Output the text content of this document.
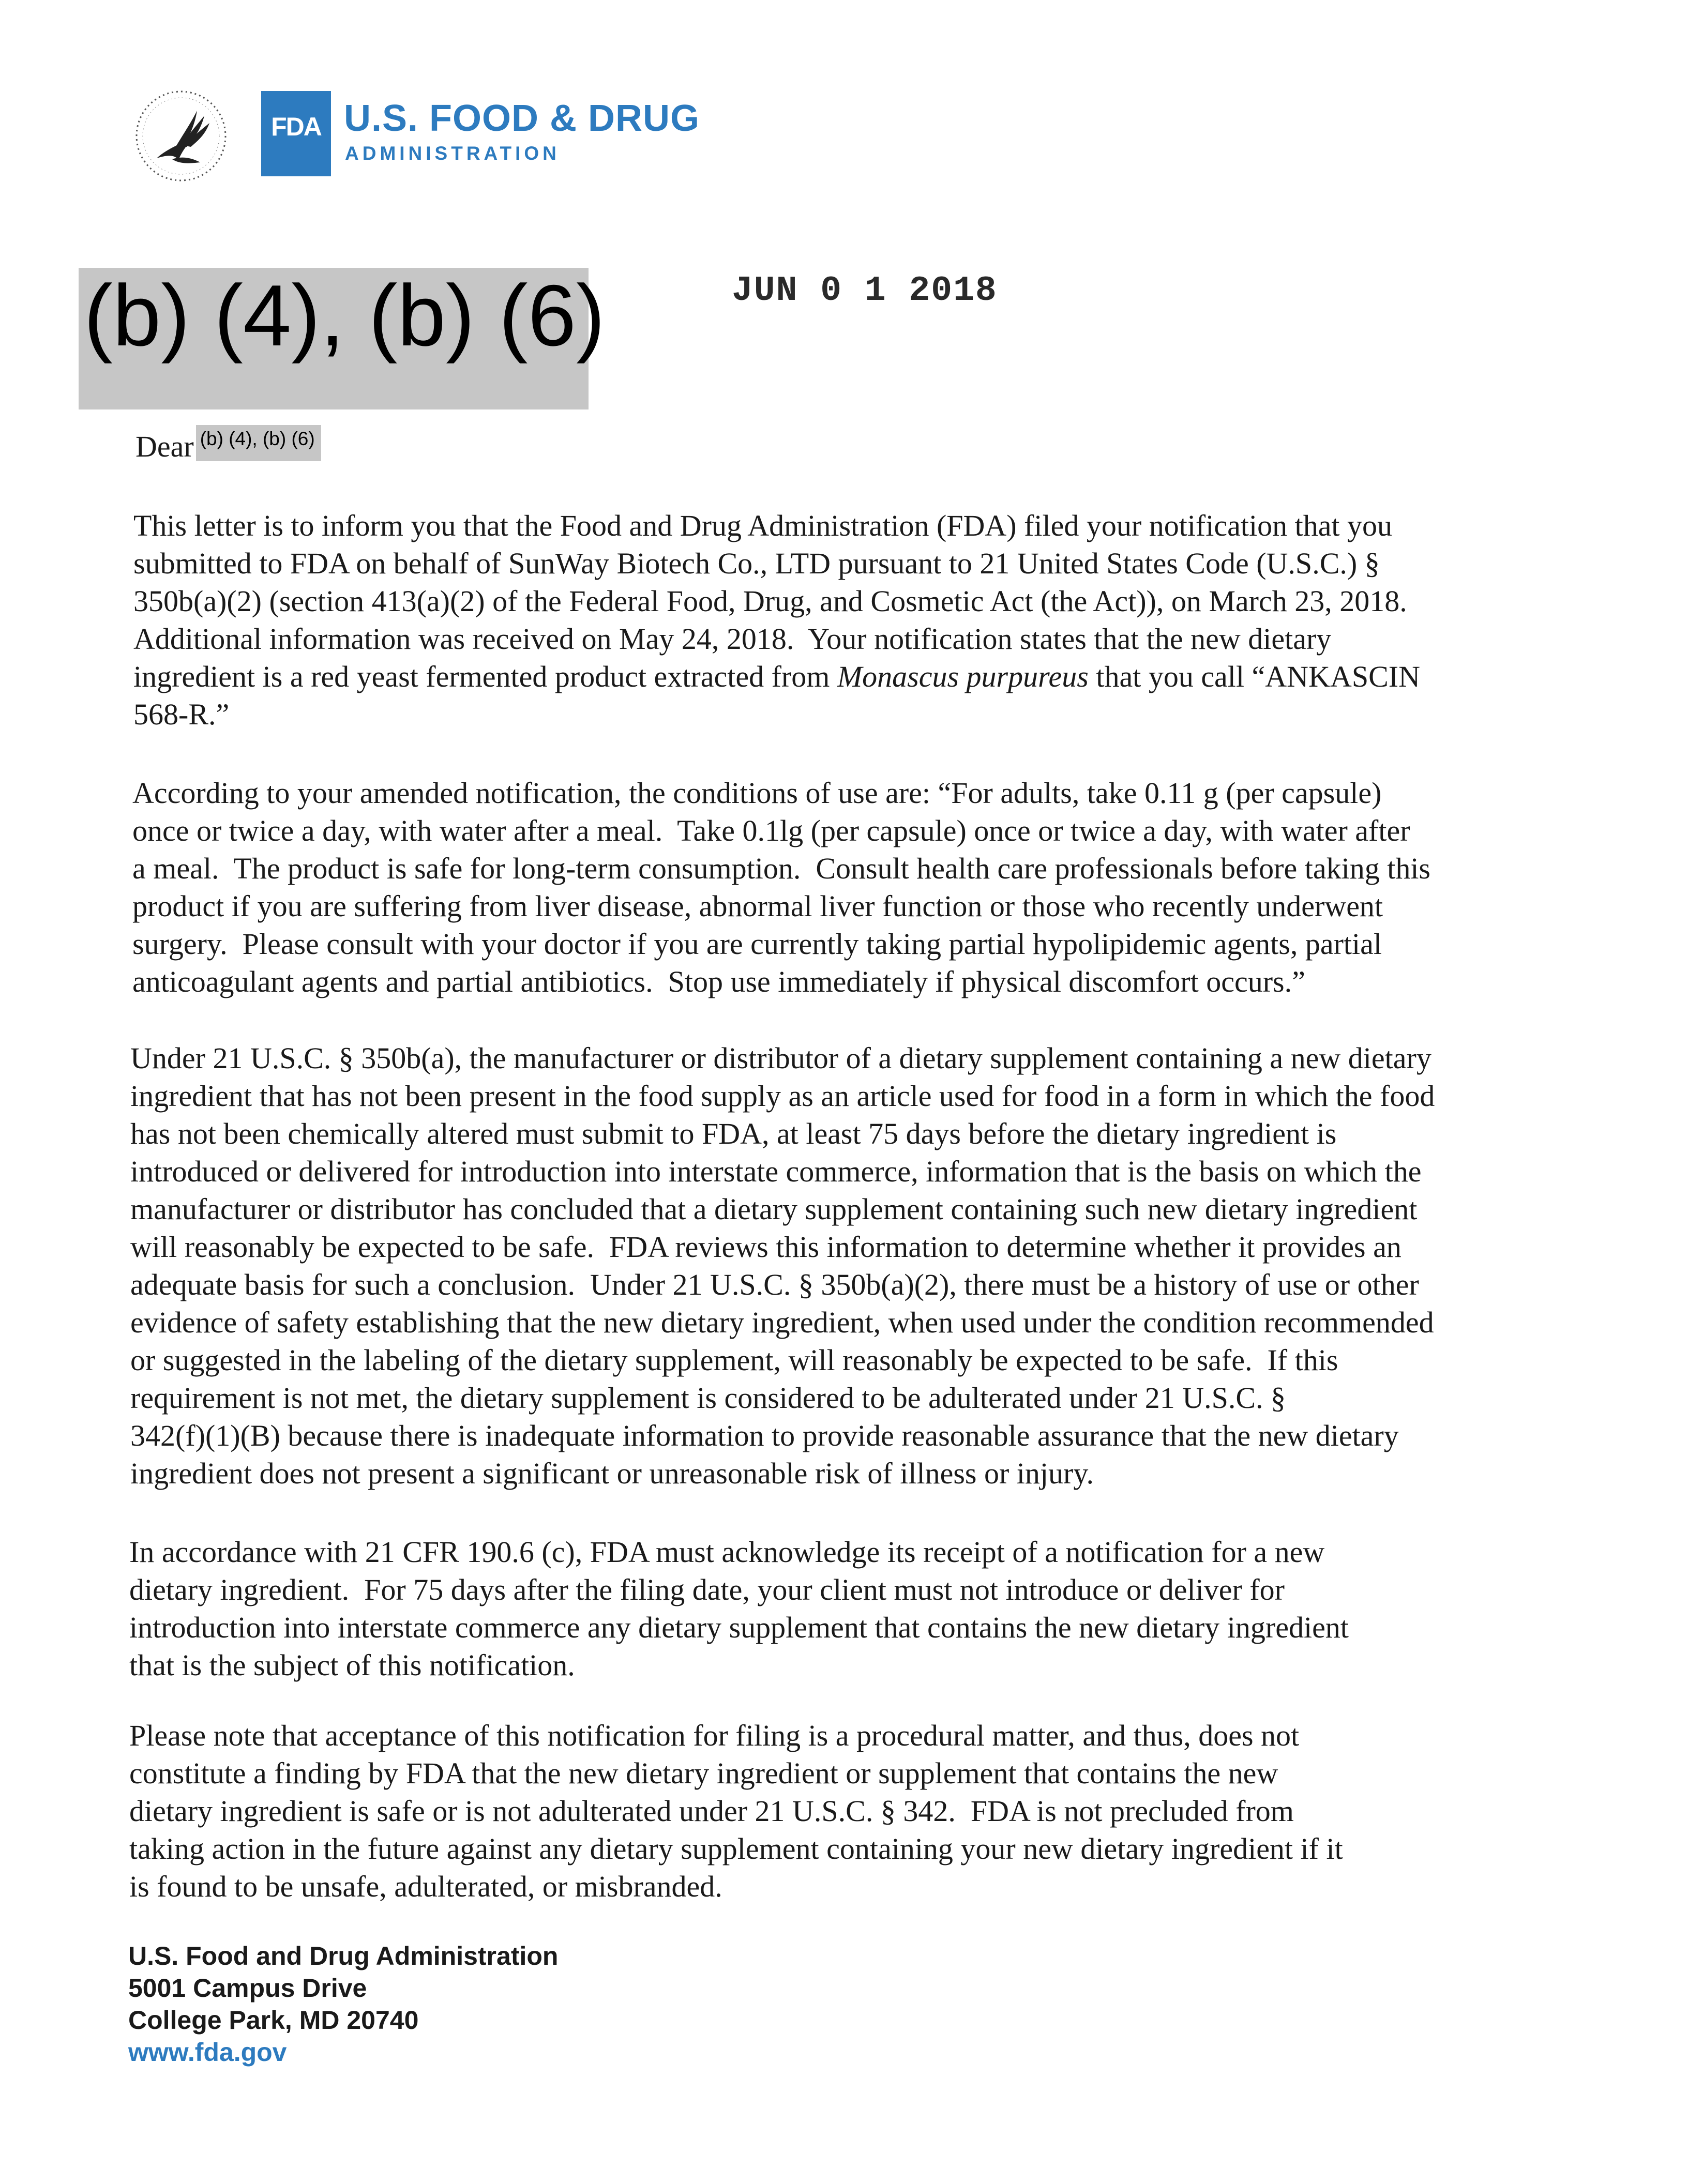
FDA U.S. FOOD & DRUG
ADMINISTRATION
(b) (4), (b) (6)	JUN 0 1 2018
Dear (b) (4), (b) (6)
This letter is to inform you that the Food and Drug Administration (FDA) filed your notification that you
submitted to FDA on behalf of SunWay Biotech Co., LTD pursuant to 21 United States Code (U.S.C.) §
350b(a)(2) (section 413(a)(2) of the Federal Food, Drug, and Cosmetic Act (the Act)), on March 23, 2018.
Additional information was received on May 24, 2018.  Your notification states that the new dietary
ingredient is a red yeast fermented product extracted from Monascus purpureus that you call “ANKASCIN
568-R.”
According to your amended notification, the conditions of use are: “For adults, take 0.11 g (per capsule)
once or twice a day, with water after a meal.  Take 0.1lg (per capsule) once or twice a day, with water after
a meal.  The product is safe for long-term consumption.  Consult health care professionals before taking this
product if you are suffering from liver disease, abnormal liver function or those who recently underwent
surgery.  Please consult with your doctor if you are currently taking partial hypolipidemic agents, partial
anticoagulant agents and partial antibiotics.  Stop use immediately if physical discomfort occurs.”
Under 21 U.S.C. § 350b(a), the manufacturer or distributor of a dietary supplement containing a new dietary
ingredient that has not been present in the food supply as an article used for food in a form in which the food
has not been chemically altered must submit to FDA, at least 75 days before the dietary ingredient is
introduced or delivered for introduction into interstate commerce, information that is the basis on which the
manufacturer or distributor has concluded that a dietary supplement containing such new dietary ingredient
will reasonably be expected to be safe.  FDA reviews this information to determine whether it provides an
adequate basis for such a conclusion.  Under 21 U.S.C. § 350b(a)(2), there must be a history of use or other
evidence of safety establishing that the new dietary ingredient, when used under the condition recommended
or suggested in the labeling of the dietary supplement, will reasonably be expected to be safe.  If this
requirement is not met, the dietary supplement is considered to be adulterated under 21 U.S.C. §
342(f)(1)(B) because there is inadequate information to provide reasonable assurance that the new dietary
ingredient does not present a significant or unreasonable risk of illness or injury.
In accordance with 21 CFR 190.6 (c), FDA must acknowledge its receipt of a notification for a new
dietary ingredient.  For 75 days after the filing date, your client must not introduce or deliver for
introduction into interstate commerce any dietary supplement that contains the new dietary ingredient
that is the subject of this notification.
Please note that acceptance of this notification for filing is a procedural matter, and thus, does not
constitute a finding by FDA that the new dietary ingredient or supplement that contains the new
dietary ingredient is safe or is not adulterated under 21 U.S.C. § 342.  FDA is not precluded from
taking action in the future against any dietary supplement containing your new dietary ingredient if it
is found to be unsafe, adulterated, or misbranded.
U.S. Food and Drug Administration
5001 Campus Drive
College Park, MD 20740
www.fda.gov
